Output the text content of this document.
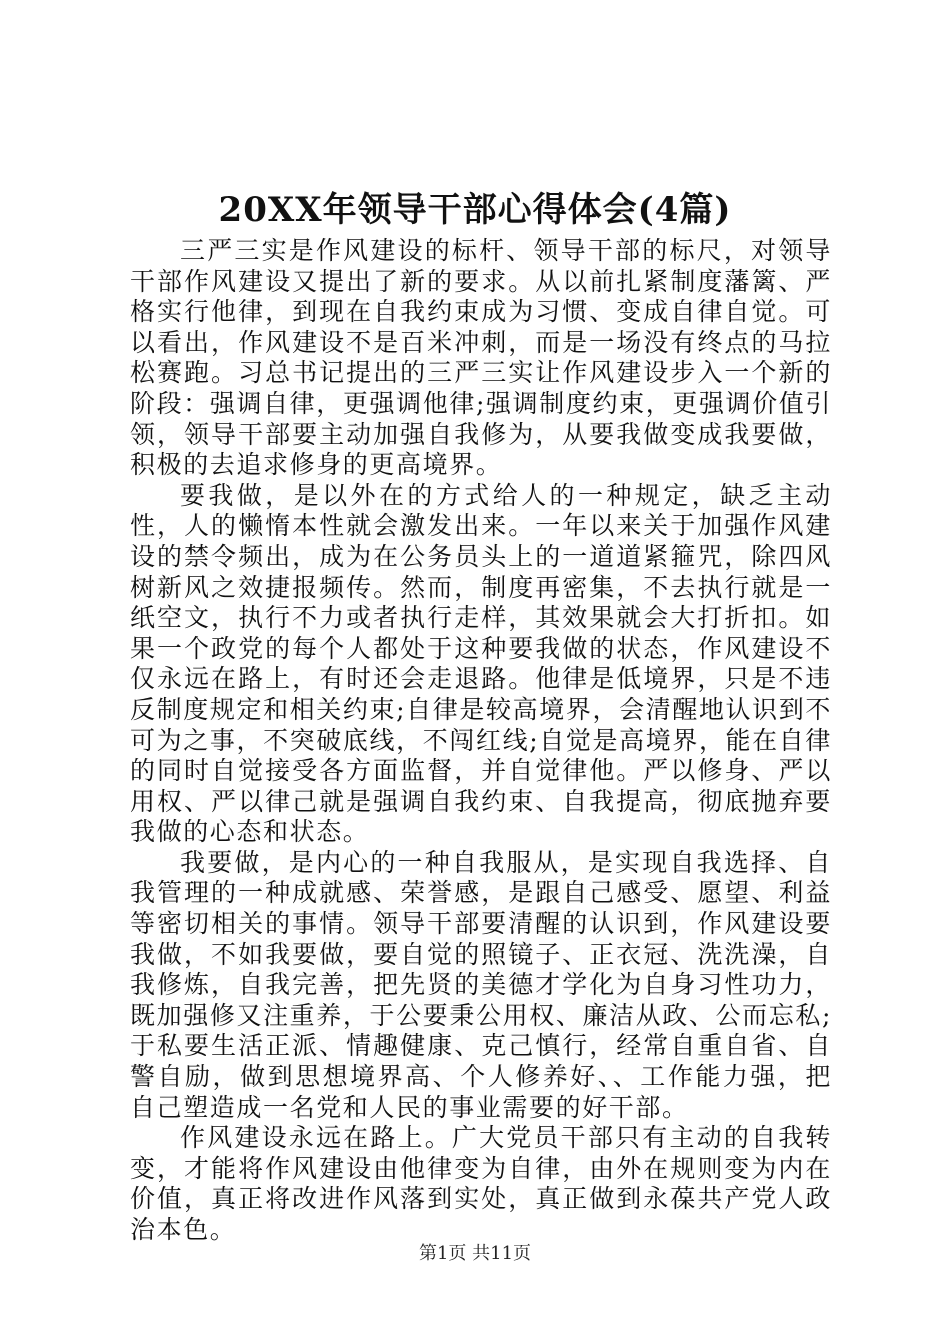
20XX年领导干部心得体会(4篇)

三严三实是作风建设的标杆、领导干部的标尺，对领导干部作风建设又提出了新的要求。从以前扎紧制度藩篱、严格实行他律，到现在自我约束成为习惯、变成自律自觉。可以看出，作风建设不是百米冲刺，而是一场没有终点的马拉松赛跑。习总书记提出的三严三实让作风建设步入一个新的阶段：强调自律，更强调他律;强调制度约束，更强调价值引领，领导干部要主动加强自我修为，从要我做变成我要做，积极的去追求修身的更高境界。

要我做，是以外在的方式给人的一种规定，缺乏主动性，人的懒惰本性就会激发出来。一年以来关于加强作风建设的禁令频出，成为在公务员头上的一道道紧箍咒，除四风树新风之效捷报频传。然而，制度再密集，不去执行就是一纸空文，执行不力或者执行走样，其效果就会大打折扣。如果一个政党的每个人都处于这种要我做的状态，作风建设不仅永远在路上，有时还会走退路。他律是低境界，只是不违反制度规定和相关约束;自律是较高境界，会清醒地认识到不可为之事，不突破底线，不闯红线;自觉是高境界，能在自律的同时自觉接受各方面监督，并自觉律他。严以修身、严以用权、严以律己就是强调自我约束、自我提高，彻底抛弃要我做的心态和状态。

我要做，是内心的一种自我服从，是实现自我选择、自我管理的一种成就感、荣誉感，是跟自己感受、愿望、利益等密切相关的事情。领导干部要清醒的认识到，作风建设要我做，不如我要做，要自觉的照镜子、正衣冠、洗洗澡，自我修炼，自我完善，把先贤的美德才学化为自身习性功力，既加强修又注重养，于公要秉公用权、廉洁从政、公而忘私;于私要生活正派、情趣健康、克己慎行，经常自重自省、自警自励，做到思想境界高、个人修养好、、工作能力强，把自己塑造成一名党和人民的事业需要的好干部。

作风建设永远在路上。广大党员干部只有主动的自我转变，才能将作风建设由他律变为自律，由外在规则变为内在价值，真正将改进作风落到实处，真正做到永葆共产党人政治本色。

第1页 共11页
